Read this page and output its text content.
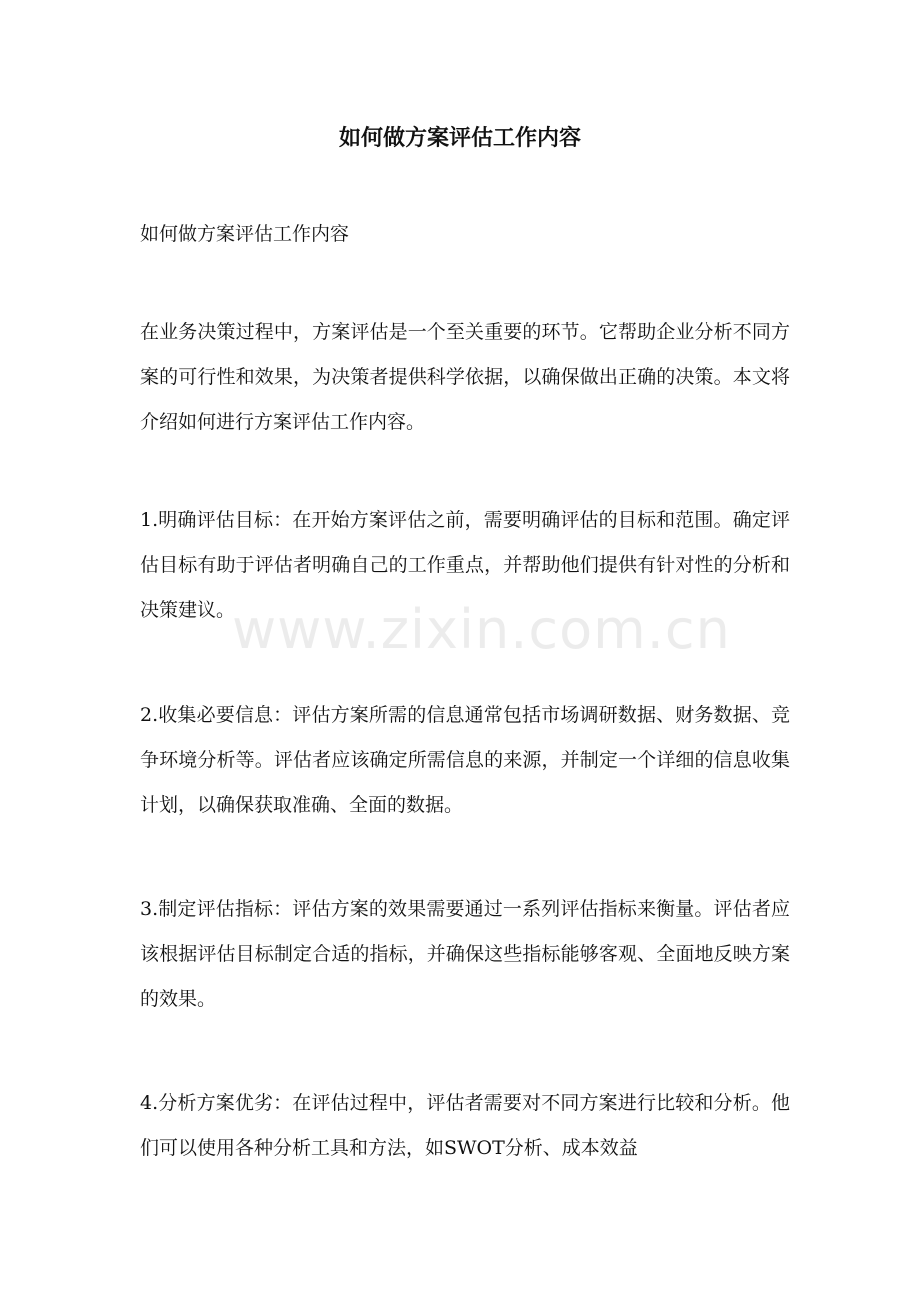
如何做方案评估工作内容

如何做方案评估工作内容

在业务决策过程中，方案评估是一个至关重要的环节。它帮助企业分析不同方案的可行性和效果，为决策者提供科学依据，以确保做出正确的决策。本文将介绍如何进行方案评估工作内容。

1.明确评估目标：在开始方案评估之前，需要明确评估的目标和范围。确定评估目标有助于评估者明确自己的工作重点，并帮助他们提供有针对性的分析和决策建议。

2.收集必要信息：评估方案所需的信息通常包括市场调研数据、财务数据、竞争环境分析等。评估者应该确定所需信息的来源，并制定一个详细的信息收集计划，以确保获取准确、全面的数据。

3.制定评估指标：评估方案的效果需要通过一系列评估指标来衡量。评估者应该根据评估目标制定合适的指标，并确保这些指标能够客观、全面地反映方案的效果。

4.分析方案优劣：在评估过程中，评估者需要对不同方案进行比较和分析。他们可以使用各种分析工具和方法，如SWOT分析、成本效益

www.zixin.com.cn
